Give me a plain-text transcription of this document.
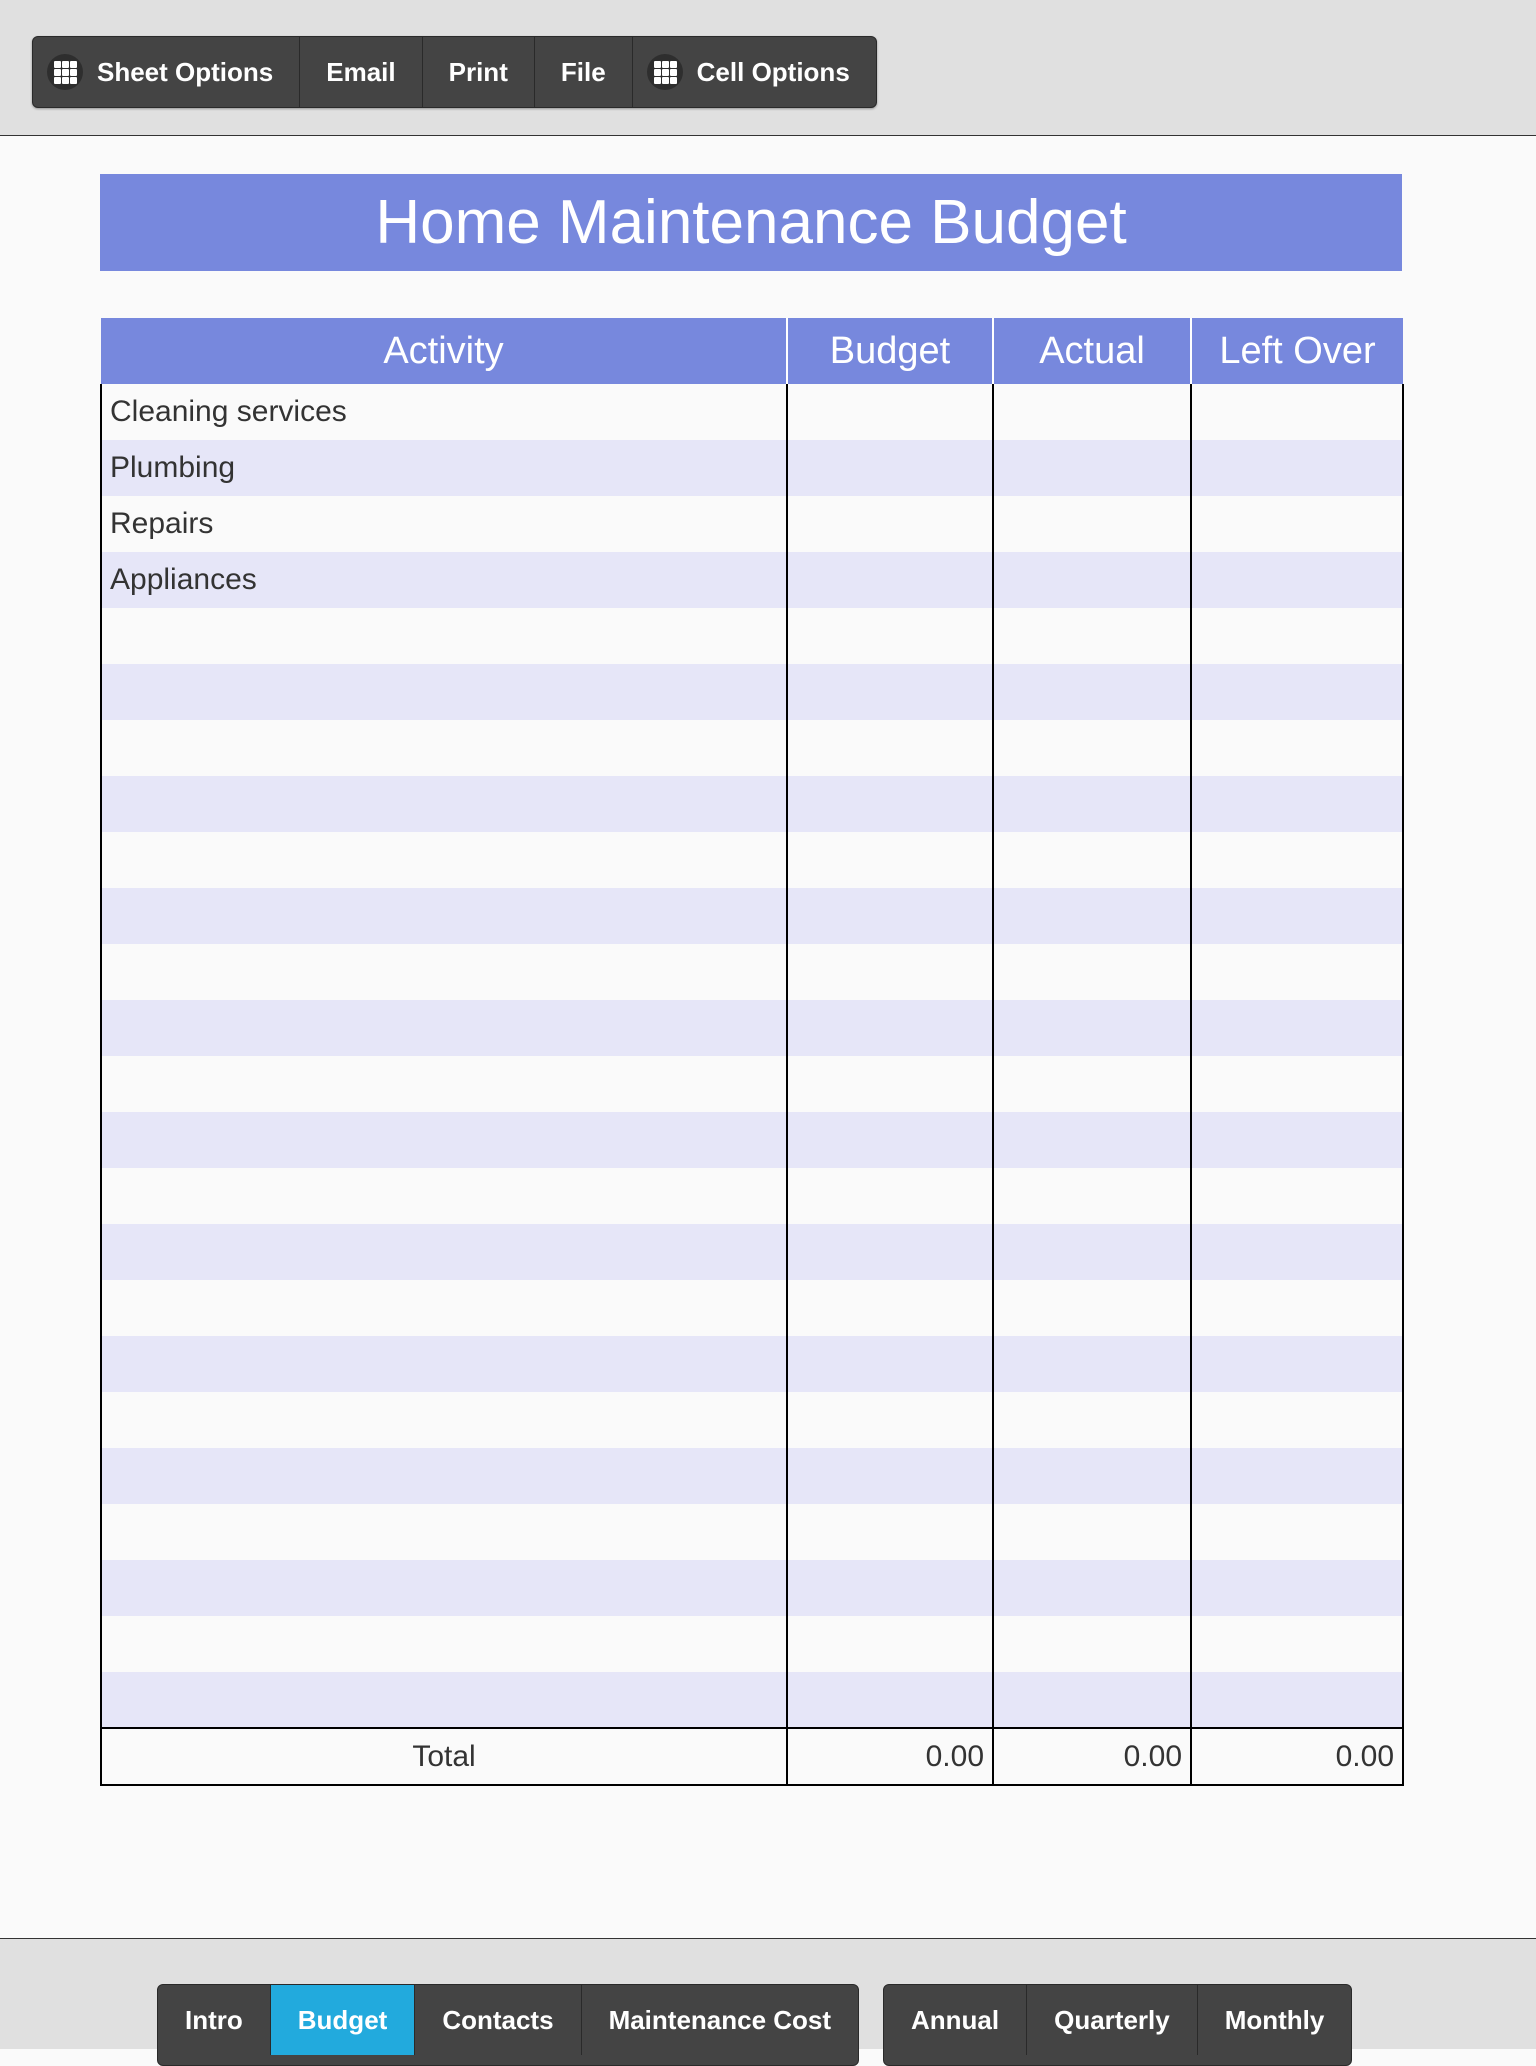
Sheet Options	Email	Print	File	Cell Options
Home Maintenance Budget
Activity	Budget	Actual	Left Over
Cleaning services			
Plumbing			
Repairs			
Appliances			

Total	0.00	0.00	0.00
Intro	Budget	Contacts	Maintenance Cost	Annual	Quarterly	Monthly
